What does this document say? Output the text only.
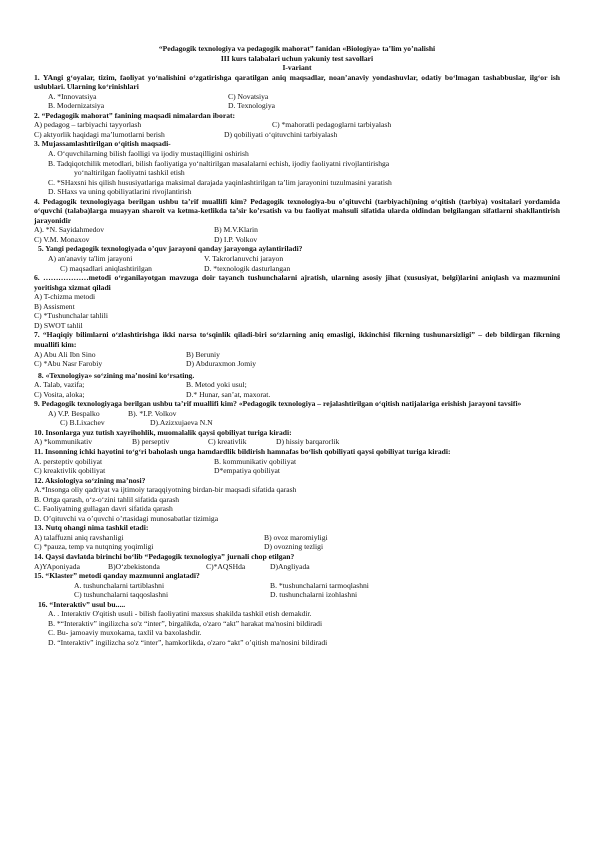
“Pedagogik texnologiya va pedagogik mahorat” fanidan «Biologiya» ta’lim yo’nalishi
III kurs talabalari uchun yakuniy test savollari
I-variant
1. YAngi g‘oyalar, tizim, faoliyat yo‘nalishini o‘zgatirishga qaratilgan aniq maqsadlar, noan’anaviy yondashuvlar, odatiy bo‘lmagan tashabbuslar, ilg‘or ish uslublari. Ularning ko‘rinishlari
A. *Innovatsiya	C) Novatsiya
B. Modernizatsiya	D. Texnologiya
2. “Pedagogik mahorat” fanining maqsadi nimalardan iborat:
A) pedagog – tarbiyachi tayyorlash	C) *mahoratli pedagoglarni tarbiyalash
C) aktyorlik haqidagi ma’lumotlarni berish	D) qobiliyati o‘qituvchini tarbiyalash
3. Mujassamlashtirilgan o‘qitish maqsadi-
A. O‘quvchilarning bilish faolligi va ijodiy mustaqilligini oshirish
B. Tadqiqotchilik metodlari, bilish faoliyatiga yo‘naltirilgan masalalarni echish, ijodiy faoliyatni rivojlantirishga
yo‘naltirilgan faoliyatni tashkil etish
C. *SHaxsni his qilish hususiyatlariga maksimal darajada yaqinlashtirilgan ta’lim jarayonini tuzulmasini yaratish
D. SHaxs va uning qobiliyatlarini rivojlantirish
4. Pedagogik texnologiyaga berilgan ushbu ta’rif muallifi kim? Pedagogik texnologiya-bu o’qituvchi (tarbiyachi)ning o‘qitish (tarbiya) vositalari yordamida o‘quvchi (talaba)larga muayyan sharoit va ketma-ketlikda ta’sir ko’rsatish va bu faoliyat mahsuli sifatida ularda oldindan belgilangan sifatlarni shakllantirish jarayonidir
A). *N. Sayidahmedov	B) M.V.Klarin
C) V.M. Monaxov	D) I.P. Volkov
5. Yangi pedagogik texnologiyada o’quv jarayoni qanday jarayonga aylantiriladi?
A) an'anaviy ta'lim jarayoni	V. Takrorlanuvchi jarayon
C) maqsadlari aniqlashtirilgan	D. *texnologik dasturlangan
6. ………………metodi o‘rganilayotgan mavzuga doir tayanch tushunchalarni ajratish, ularning asosiy jihat (xususiyat, belgi)larini aniqlash va mazmunini yoritishga xizmat qiladi
A) T-chizma metodi
B) Assisment
C) *Tushunchalar tahlili
D) SWOT tahlil
7. “Haqiqiy bilimlarni o‘zlashtirishga ikki narsa to‘sqinlik qiladi-biri so‘zlarning aniq emasligi, ikkinchisi fikrning tushunarsizligi” – deb bildirgan fikrning muallifi kim:
A) Abu Ali Ibn Sino	B) Beruniy
C) *Abu Nasr Farobiy	D) Abduraxmon Jomiy
8. «Texnologiya» so‘zining ma’nosini ko‘rsating.
A. Talab, vazifa;	B. Metod yoki usul;
C) Vosita, aloka;	D.* Hunar, san’at, maxorat.
9. Pedagogik texnologiyaga berilgan ushbu ta’rif muallifi kim? «Pedagogik texnologiya – rejalashtirilgan o‘qitish natijalariga erishish jarayoni tavsifi»
A) V.P. Bespalko	B). *I.P. Volkov
C) B.Lixachev	D).Azizxujaeva N.N
10. Insonlarga yuz tutish xayrihohlik, muomalalik qaysi qobiliyat turiga kiradi:
A) *kommunikativ	B) perseptiv	C) kreativlik	D) hissiy barqarorlik
11. Insonning ichki hayotini to‘g‘ri baholash unga hamdardlik bildirish hamnafas bo‘lish qobiliyati qaysi qobiliyat turiga kiradi:
A. persteptiv qobiliyat	B. kommunikativ qobiliyat
C) kreaktivlik qobiliyat	D*empatiya qobiliyat
12. Aksiologiya so‘zining ma’nosi?
A.*Insonga oliy qadriyat va ijtimoiy taraqqiyotning birdan-bir maqsadi sifatida qarash
B. Ortga qarash, o‘z-o‘zini tahlil sifatida qarash
C. Faoliyatning gullagan davri sifatida qarash
D. O’qituvchi va o’quvchi o’rtasidagi munosabatlar tizimiga
13. Nutq ohangi nima tashkil etadi:
A) talaffuzni aniq ravshanligi	B) ovoz maromiyligi
C) *pauza, temp va nutqning yoqimligi	D) ovozning tezligi
14. Qaysi davlatda birinchi bo‘lib “Pedagogik texnologiya” jurnali chop etilgan?
A)YAponiyada	B)O‘zbekistonda	C)*AQSHda	D)Angliyada
15. “Klaster” metodi qanday mazmunni anglatadi?
A. tushunchalarni tartiblashni	B. *tushunchalarni tarmoqlashni
C) tushunchalarni taqqoslashni	D. tushunchalarni izohlashni
16. “Interaktiv” usul bu.....
A. . Interaktiv O'qitish usuli - bilish faoliyatini maxsus shakilda tashkil etish demakdir.
B. *“Interaktiv” ingilizcha so'z “inter”, birgalikda, o'zaro “akt” harakat ma'nosini bildiradi
C. Bu- jamoaviy muxokama, taxlil va baxolashdir.
D. “Interaktiv” ingilizcha so'z “inter”, hamkorlikda, o'zaro “akt” o’qitish ma'nosini bildiradi
